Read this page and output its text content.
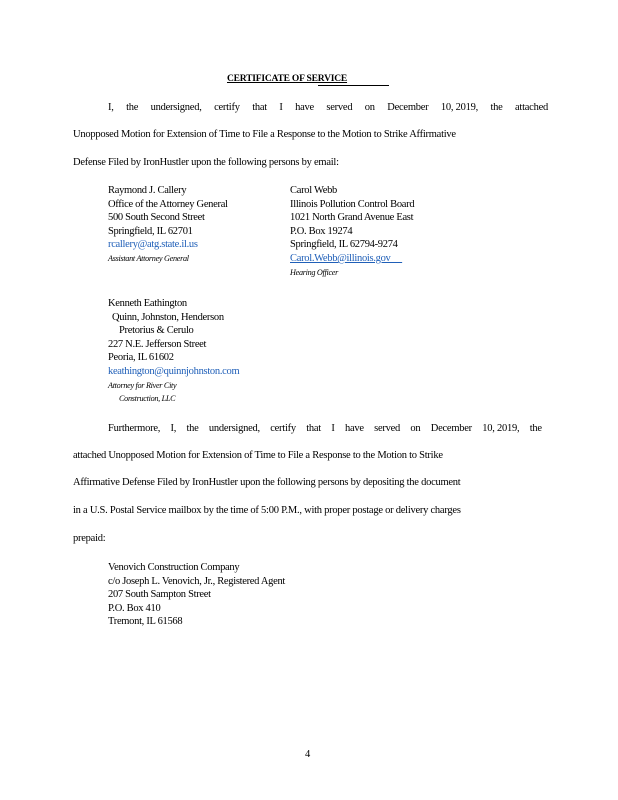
CERTIFICATE OF SERVICE
I, the undersigned, certify that I have served on December 10, 2019, the attached
Unopposed Motion for Extension of Time to File a Response to the Motion to Strike Affirmative
Defense Filed by IronHustler upon the following persons by email:
Raymond J. Callery
Office of the Attorney General
500 South Second Street
Springfield, IL 62701
rcallery@atg.state.il.us
Assistant Attorney General
Carol Webb
Illinois Pollution Control Board
1021 North Grand Avenue East
P.O. Box 19274
Springfield, IL 62794-9274
Carol.Webb@illinois.gov
Hearing Officer
Kenneth Eathington
Quinn, Johnston, Henderson
Pretorius & Cerulo
227 N.E. Jefferson Street
Peoria, IL 61602
keathington@quinnjohnston.com
Attorney for River City
Construction, LLC
Furthermore, I, the undersigned, certify that I have served on December 10, 2019, the
attached Unopposed Motion for Extension of Time to File a Response to the Motion to Strike
Affirmative Defense Filed by IronHustler upon the following persons by depositing the document
in a U.S. Postal Service mailbox by the time of 5:00 P.M., with proper postage or delivery charges
prepaid:
Venovich Construction Company
c/o Joseph L. Venovich, Jr., Registered Agent
207 South Sampton Street
P.O. Box 410
Tremont, IL 61568
4
